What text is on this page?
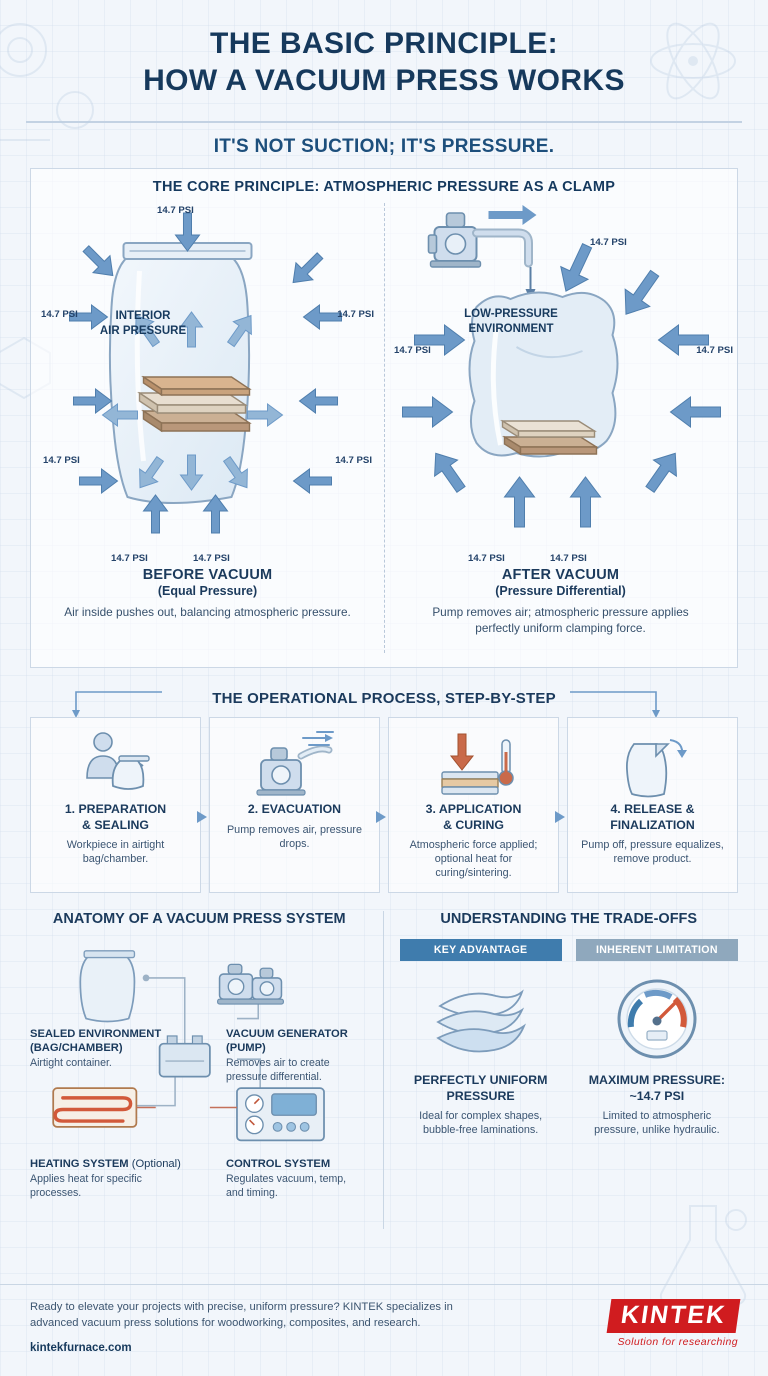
THE BASIC PRINCIPLE:
HOW A VACUUM PRESS WORKS
IT'S NOT SUCTION; IT'S PRESSURE.
THE CORE PRINCIPLE: ATMOSPHERIC PRESSURE AS A CLAMP
INTERIOR
AIR PRESSURE
14.7 PSI
14.7 PSI
14.7 PSI
14.7 PSI
14.7 PSI
14.7 PSI	14.7 PSI
BEFORE VACUUM
(Equal Pressure)
Air inside pushes out, balancing atmospheric pressure.
LOW-PRESSURE
ENVIRONMENT
14.7 PSI
14.7 PSI	14.7 PSI
14.7 PSI	14.7 PSI
AFTER VACUUM
(Pressure Differential)
Pump removes air; atmospheric pressure applies perfectly uniform clamping force.
THE OPERATIONAL PROCESS, STEP-BY-STEP
1. PREPARATION
& SEALING
Workpiece in airtight bag/chamber.
2. EVACUATION
Pump removes air, pressure drops.
3. APPLICATION
& CURING
Atmospheric force applied; optional heat for curing/sintering.
4. RELEASE &
FINALIZATION
Pump off, pressure equalizes, remove product.
ANATOMY OF A VACUUM PRESS SYSTEM
SEALED ENVIRONMENT
(BAG/CHAMBER)
Airtight container.
VACUUM GENERATOR
(PUMP)
Removes air to create pressure differential.
HEATING SYSTEM (Optional)
Applies heat for specific processes.
CONTROL SYSTEM
Regulates vacuum, temp, and timing.
UNDERSTANDING THE TRADE-OFFS
KEY ADVANTAGE
PERFECTLY UNIFORM
PRESSURE
Ideal for complex shapes, bubble-free laminations.
INHERENT LIMITATION
MAXIMUM PRESSURE:
~14.7 PSI
Limited to atmospheric pressure, unlike hydraulic.
Ready to elevate your projects with precise, uniform pressure? KINTEK specializes in
advanced vacuum press solutions for woodworking, composites, and research.
kintekfurnace.com
KINTEK
Solution for researching
